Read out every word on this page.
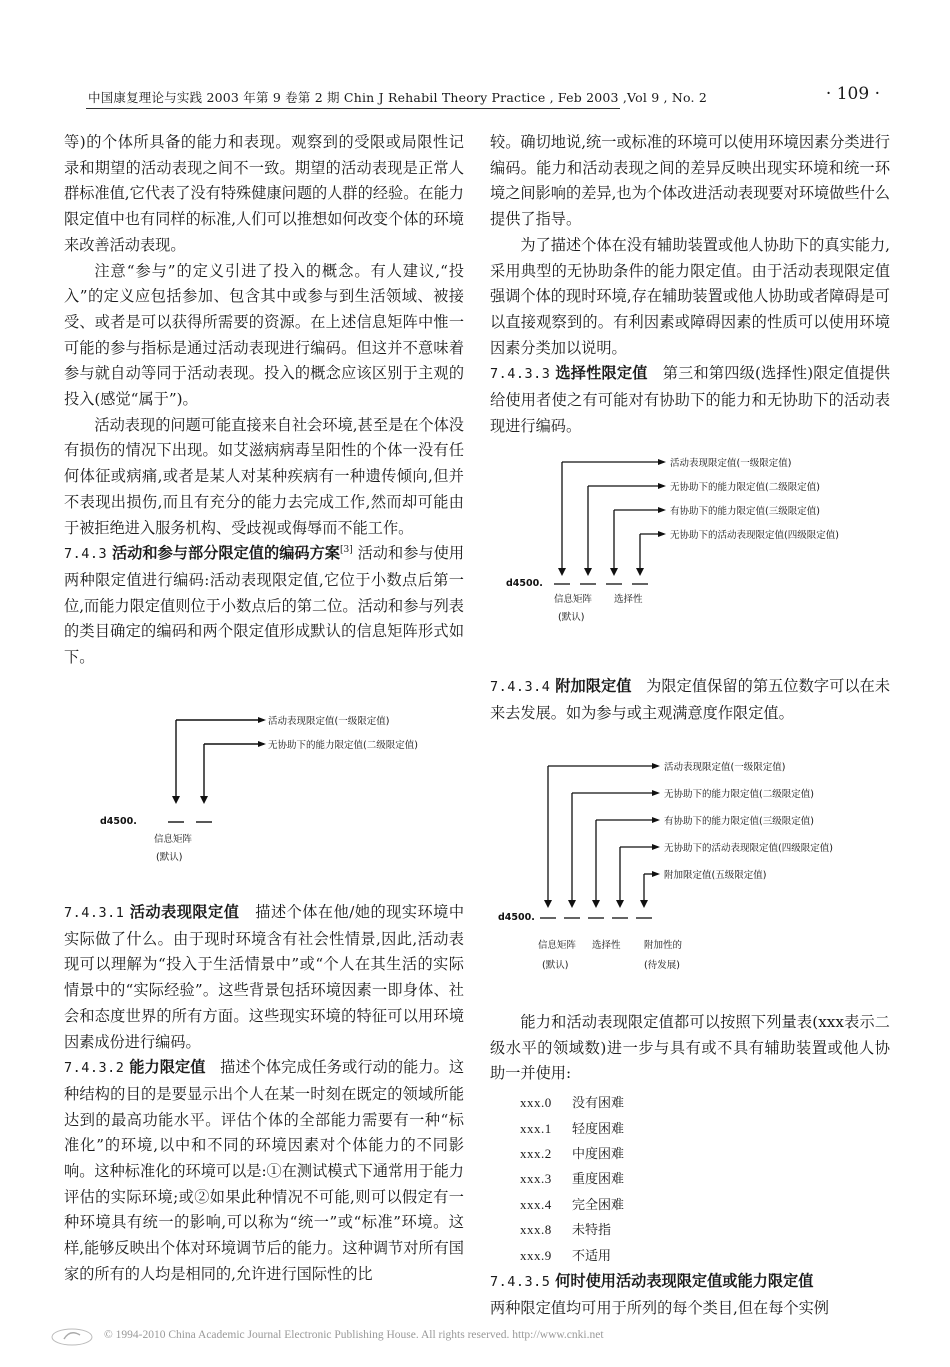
中国康复理论与实践 2003 年第 9 卷第 2 期 Chin J Rehabil Theory Practice , Feb 2003 ,Vol 9 , No. 2	· 109 ·

等)的个体所具备的能力和表现。观察到的受限或局限性记录和期望的活动表现之间不一致。期望的活动表现是正常人群标准值,它代表了没有特殊健康问题的人群的经验。在能力限定值中也有同样的标准,人们可以推想如何改变个体的环境来改善活动表现。

注意“参与”的定义引进了投入的概念。有人建议,“投入”的定义应包括参加、包含其中或参与到生活领域、被接受、或者是可以获得所需要的资源。在上述信息矩阵中惟一可能的参与指标是通过活动表现进行编码。但这并不意味着参与就自动等同于活动表现。投入的概念应该区别于主观的投入(感觉“属于”)。

活动表现的问题可能直接来自社会环境,甚至是在个体没有损伤的情况下出现。如艾滋病病毒呈阳性的个体一没有任何体征或病痛,或者是某人对某种疾病有一种遗传倾向,但并不表现出损伤,而且有充分的能力去完成工作,然而却可能由于被拒绝进入服务机构、受歧视或侮辱而不能工作。

7.4.3 活动和参与部分限定值的编码方案[3] 活动和参与使用两种限定值进行编码:活动表现限定值,它位于小数点后第一位,而能力限定值则位于小数点后的第二位。活动和参与列表的类目确定的编码和两个限定值形成默认的信息矩阵形式如下。

活动表现限定值(一级限定值)
无协助下的能力限定值(二级限定值)
d4500.
信息矩阵
(默认)

7.4.3.1 活动表现限定值 描述个体在他/她的现实环境中实际做了什么。由于现时环境含有社会性情景,因此,活动表现可以理解为“投入于生活情景中”或“个人在其生活的实际情景中的“实际经验”。这些背景包括环境因素一即身体、社会和态度世界的所有方面。这些现实环境的特征可以用环境因素成份进行编码。

7.4.3.2 能力限定值 描述个体完成任务或行动的能力。这种结构的目的是要显示出个人在某一时刻在既定的领域所能达到的最高功能水平。评估个体的全部能力需要有一种“标准化”的环境,以中和不同的环境因素对个体能力的不同影响。这种标准化的环境可以是:①在测试模式下通常用于能力评估的实际环境;或②如果此种情况不可能,则可以假定有一种环境具有统一的影响,可以称为“统一”或“标准”环境。这样,能够反映出个体对环境调节后的能力。这种调节对所有国家的所有的人均是相同的,允许进行国际性的比

较。确切地说,统一或标准的环境可以使用环境因素分类进行编码。能力和活动表现之间的差异反映出现实环境和统一环境之间影响的差异,也为个体改进活动表现要对环境做些什么提供了指导。

为了描述个体在没有辅助装置或他人协助下的真实能力,采用典型的无协助条件的能力限定值。由于活动表现限定值强调个体的现时环境,存在辅助装置或他人协助或者障碍是可以直接观察到的。有利因素或障碍因素的性质可以使用环境因素分类加以说明。

7.4.3.3 选择性限定值 第三和第四级(选择性)限定值提供给使用者使之有可能对有协助下的能力和无协助下的活动表现进行编码。

活动表现限定值(一级限定值)
无协助下的能力限定值(二级限定值)
有协助下的能力限定值(三级限定值)
无协助下的活动表现限定值(四级限定值)
d4500.
信息矩阵
(默认)
选择性

7.4.3.4 附加限定值 为限定值保留的第五位数字可以在未来去发展。如为参与或主观满意度作限定值。

活动表现限定值(一级限定值)
无协助下的能力限定值(二级限定值)
有协助下的能力限定值(三级限定值)
无协助下的活动表现限定值(四级限定值)
附加限定值(五级限定值)
d4500.
信息矩阵
(默认)
选择性 附加性的
(待发展)

能力和活动表现限定值都可以按照下列量表(xxx表示二级水平的领域数)进一步与具有或不具有辅助装置或他人协助一并使用:

xxx.0 没有困难
xxx.1 轻度困难
xxx.2 中度困难
xxx.3 重度困难
xxx.4 完全困难
xxx.8 未特指
xxx.9 不适用

7.4.3.5 何时使用活动表现限定值或能力限定值

两种限定值均可用于所列的每个类目,但在每个实例

© 1994-2010 China Academic Journal Electronic Publishing House. All rights reserved. http://www.cnki.net
